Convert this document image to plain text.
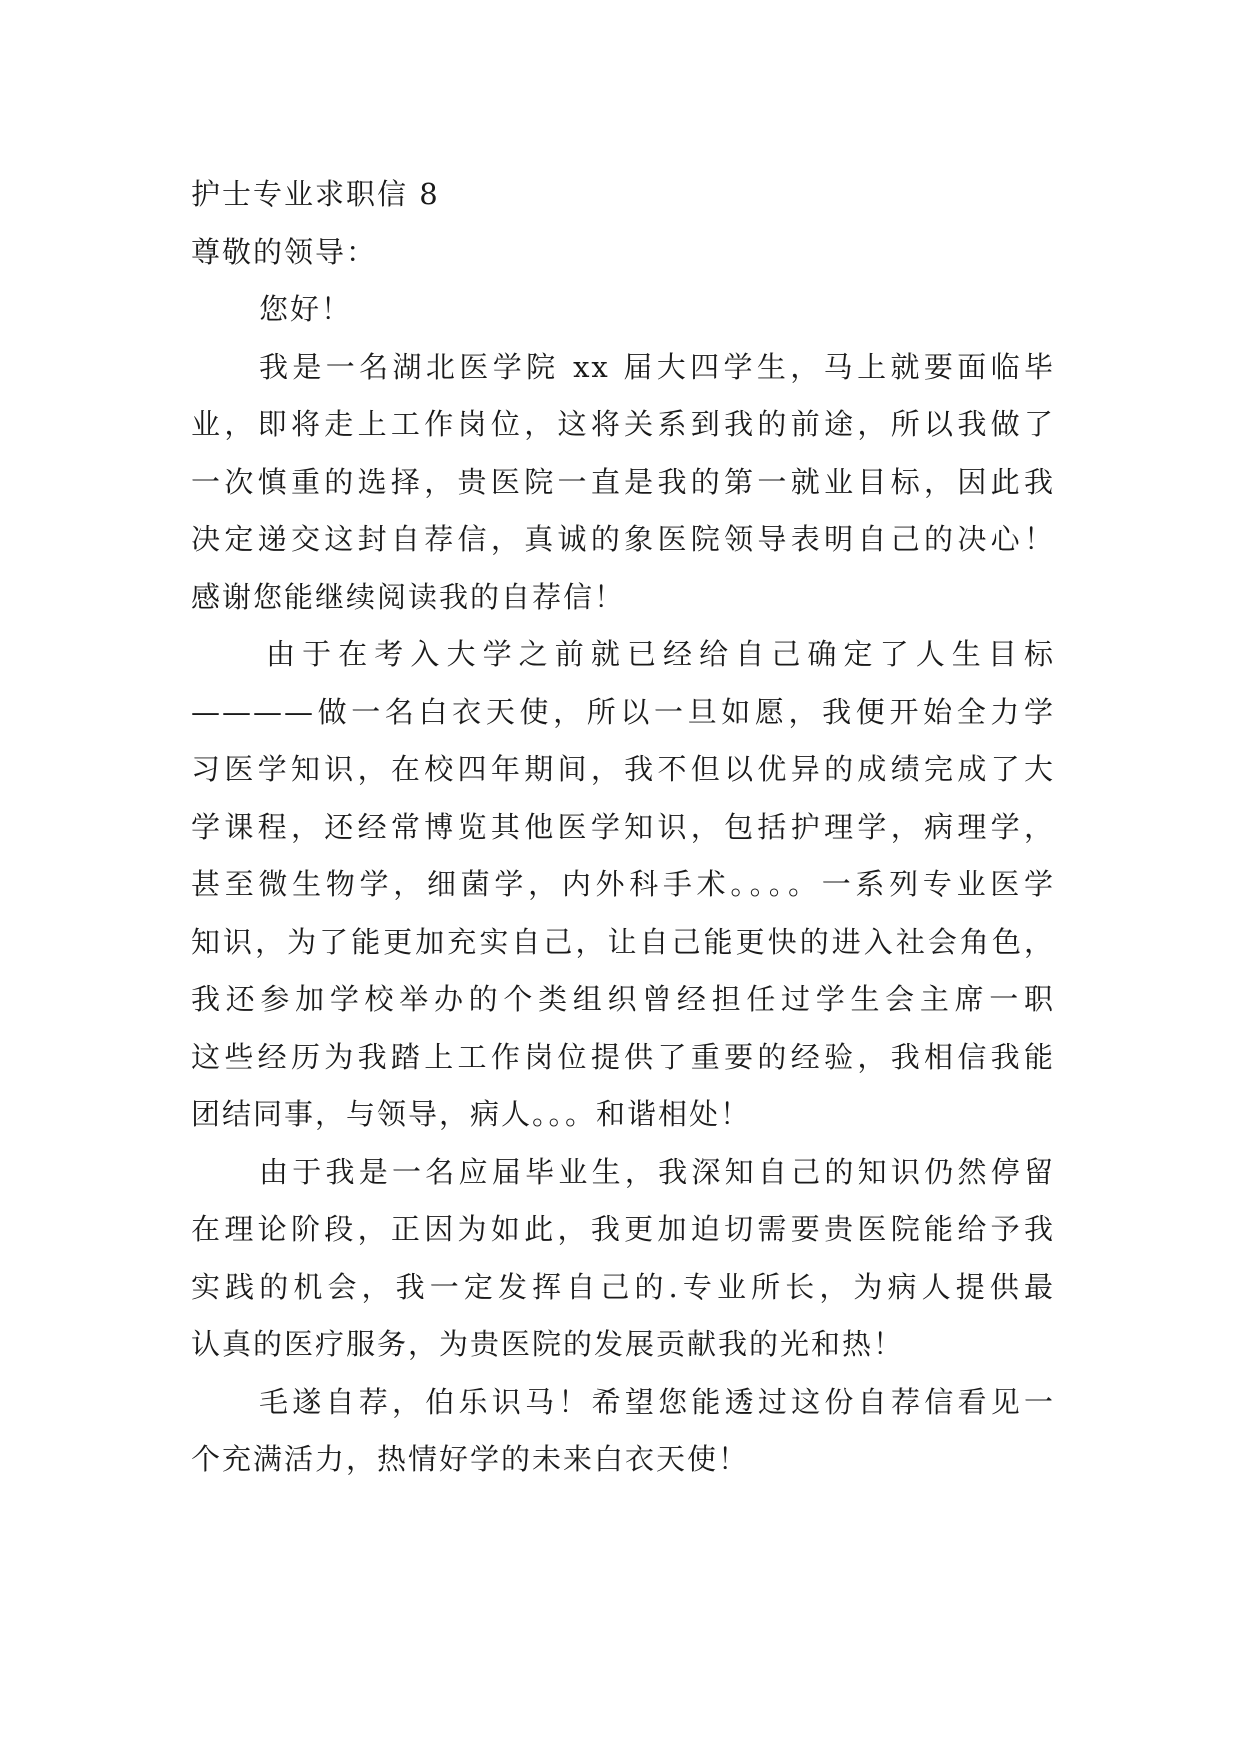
护士专业求职信 8

尊敬的领导：

您好！

我是一名湖北医学院 xx 届大四学生，马上就要面临毕

业，即将走上工作岗位，这将关系到我的前途，所以我做了

一次慎重的选择，贵医院一直是我的第一就业目标，因此我

决定递交这封自荐信，真诚的象医院领导表明自己的决心！

感谢您能继续阅读我的自荐信！

由于在考入大学之前就已经给自己确定了人生目标

————做一名白衣天使，所以一旦如愿，我便开始全力学

习医学知识，在校四年期间，我不但以优异的成绩完成了大

学课程，还经常博览其他医学知识，包括护理学，病理学，

甚至微生物学，细菌学，内外科手术。。。。一系列专业医学

知识，为了能更加充实自己，让自己能更快的进入社会角色，

我还参加学校举办的个类组织曾经担任过学生会主席一职

这些经历为我踏上工作岗位提供了重要的经验，我相信我能

团结同事，与领导，病人。。。和谐相处！

由于我是一名应届毕业生，我深知自己的知识仍然停留

在理论阶段，正因为如此，我更加迫切需要贵医院能给予我

实践的机会，我一定发挥自己的.专业所长，为病人提供最

认真的医疗服务，为贵医院的发展贡献我的光和热！

毛遂自荐，伯乐识马！希望您能透过这份自荐信看见一

个充满活力，热情好学的未来白衣天使！
